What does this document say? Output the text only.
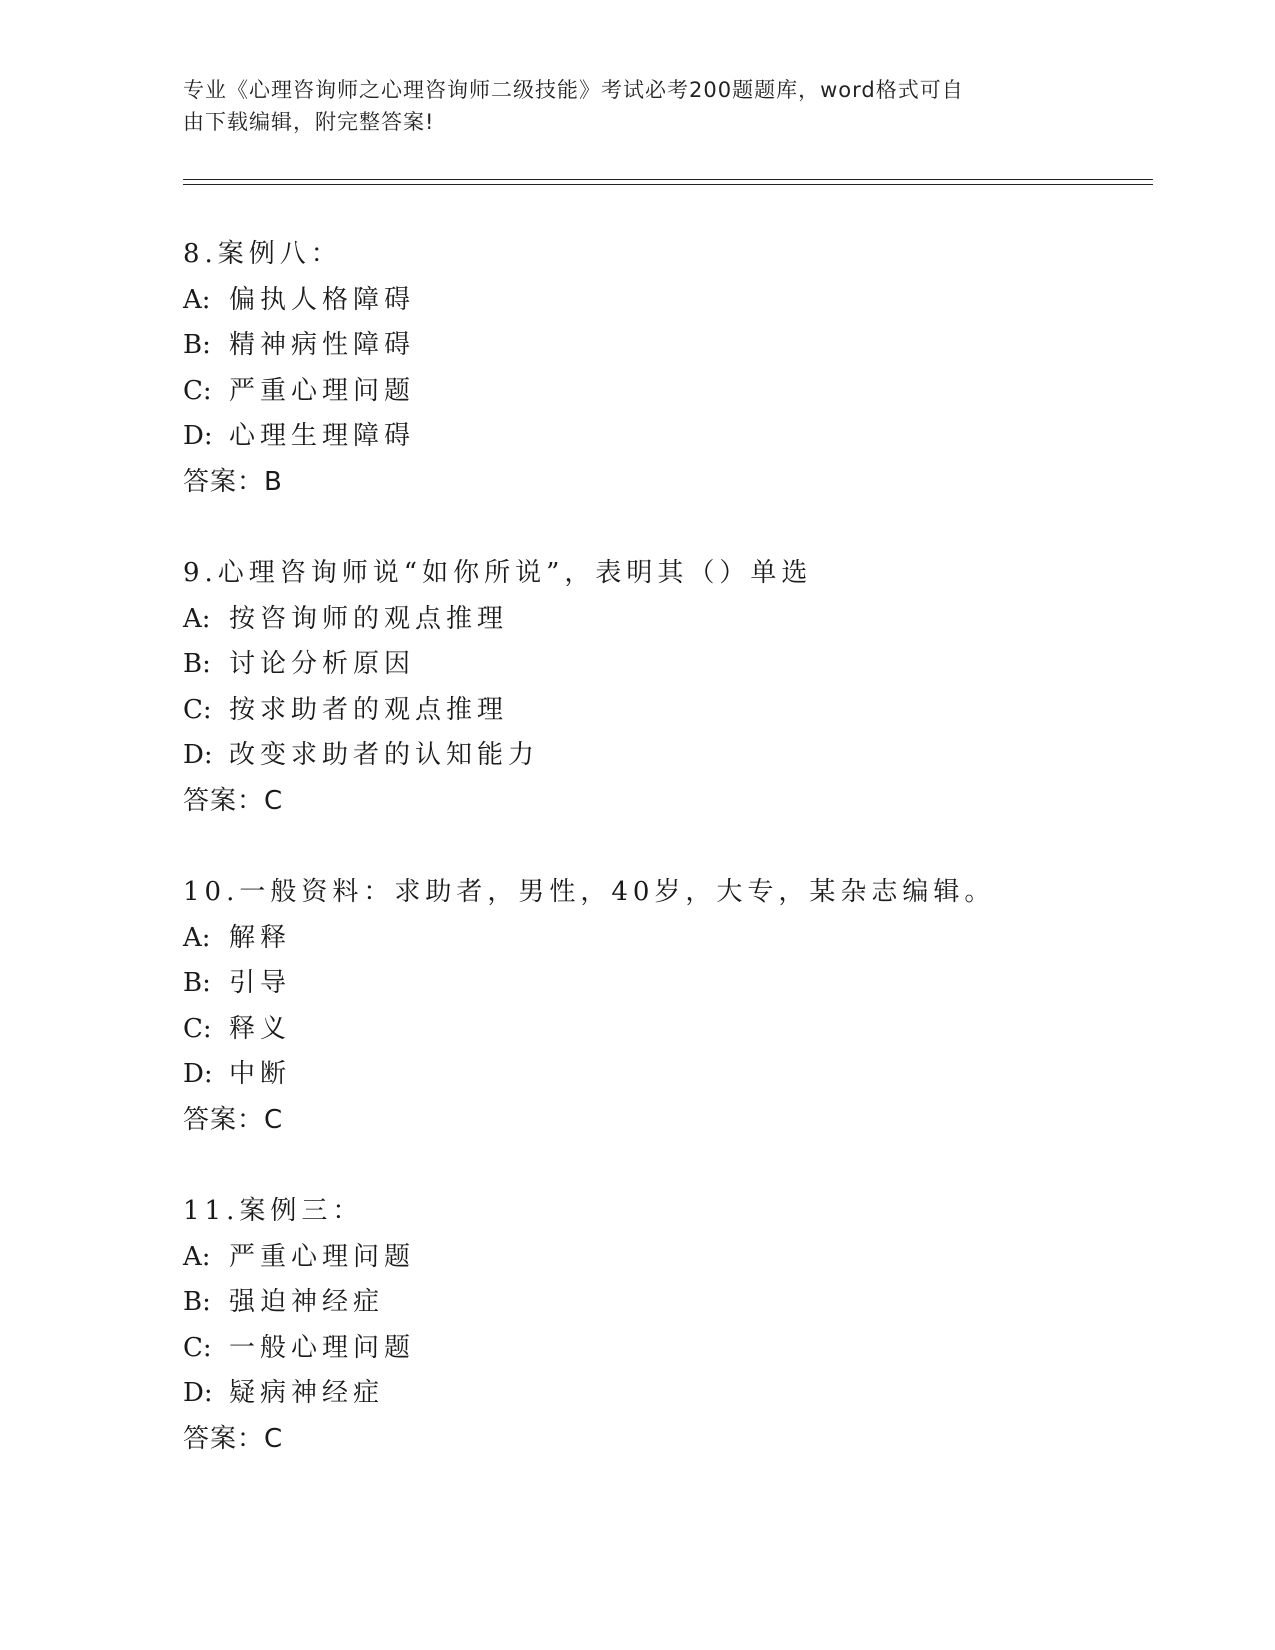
专业《心理咨询师之心理咨询师二级技能》考试必考200题题库，word格式可自
由下载编辑，附完整答案!
8.案例八：
A: 偏执人格障碍
B: 精神病性障碍
C: 严重心理问题
D: 心理生理障碍
答案：B
9.心理咨询师说“如你所说”，表明其（）单选
A: 按咨询师的观点推理
B: 讨论分析原因
C: 按求助者的观点推理
D: 改变求助者的认知能力
答案：C
10.一般资料：求助者，男性，40岁，大专，某杂志编辑。
A: 解释
B: 引导
C: 释义
D: 中断
答案：C
11.案例三：
A: 严重心理问题
B: 强迫神经症
C: 一般心理问题
D: 疑病神经症
答案：C
